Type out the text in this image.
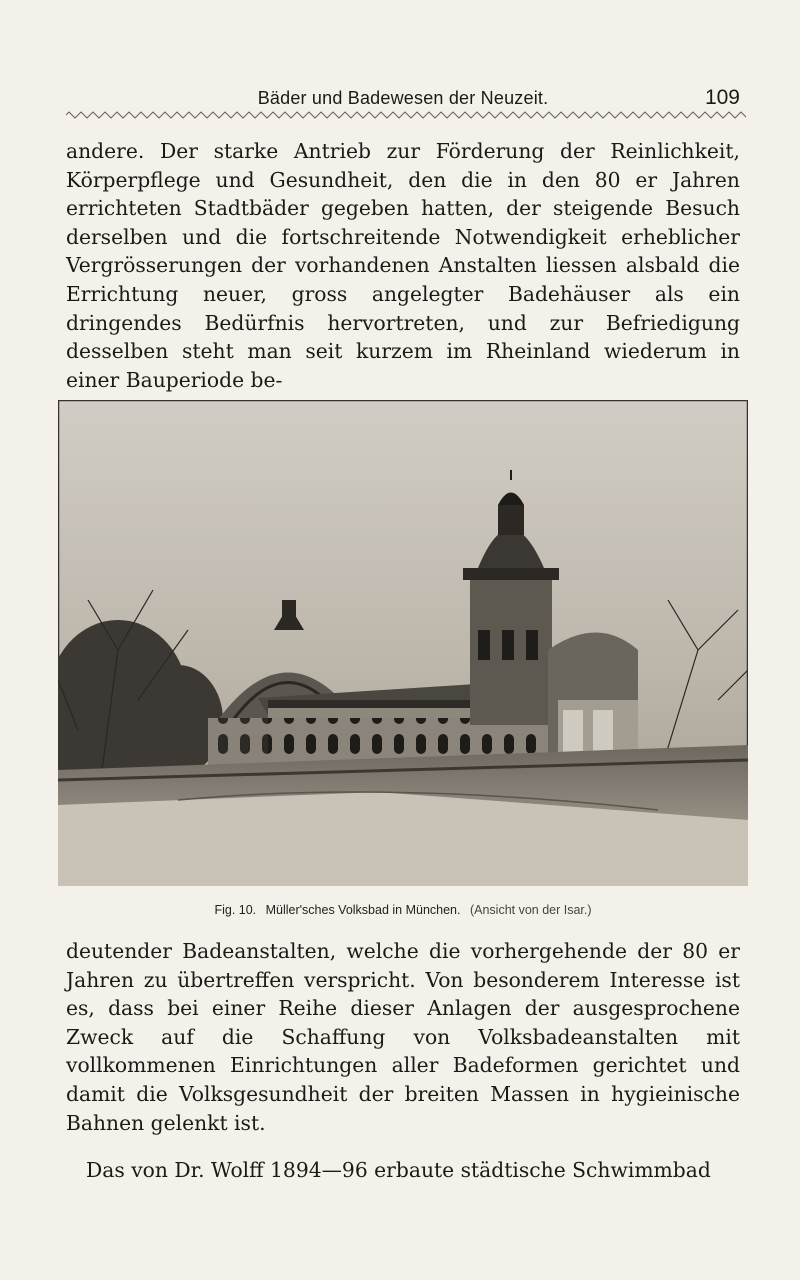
Bäder und Badewesen der Neuzeit.	109

andere. Der starke Antrieb zur Förderung der Reinlichkeit, Körperpflege und Gesundheit, den die in den 80 er Jahren errichteten Stadtbäder gegeben hatten, der steigende Besuch derselben und die fortschreitende Notwendigkeit erheblicher Vergrösserungen der vorhandenen Anstalten liessen alsbald die Errichtung neuer, gross angelegter Badehäuser als ein dringendes Bedürfnis hervortreten, und zur Befriedigung desselben steht man seit kurzem im Rheinland wiederum in einer Bauperiode be-

Fig. 10. Müller'sches Volksbad in München. (Ansicht von der Isar.)

deutender Badeanstalten, welche die vorhergehende der 80 er Jahren zu übertreffen verspricht. Von besonderem Interesse ist es, dass bei einer Reihe dieser Anlagen der ausgesprochene Zweck auf die Schaffung von Volksbadeanstalten mit vollkommenen Einrichtungen aller Badeformen gerichtet und damit die Volksgesundheit der breiten Massen in hygieinische Bahnen gelenkt ist.

Das von Dr. Wolff 1894—96 erbaute städtische Schwimmbad
